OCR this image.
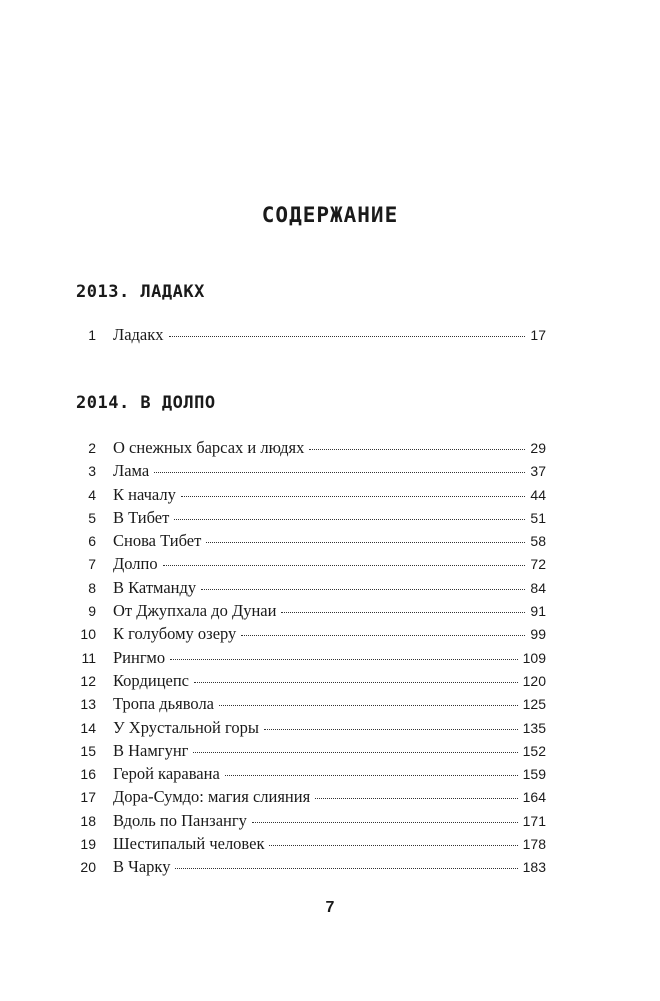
СОДЕРЖАНИЕ
2013. ЛАДАКХ
1 Ладакх	17
2014. В ДОЛПО
2 О снежных барсах и людях	29
3 Лама	37
4 К началу	44
5 В Тибет	51
6 Снова Тибет	58
7 Долпо	72
8 В Катманду	84
9 От Джупхала до Дунаи	91
10 К голубому озеру	99
11 Рингмо	109
12 Кордицепс	120
13 Тропа дьявола	125
14 У Хрустальной горы	135
15 В Намгунг	152
16 Герой каравана	159
17 Дора-Сумдо: магия слияния	164
18 Вдоль по Панзангу	171
19 Шестипалый человек	178
20 В Чарку	183
7
